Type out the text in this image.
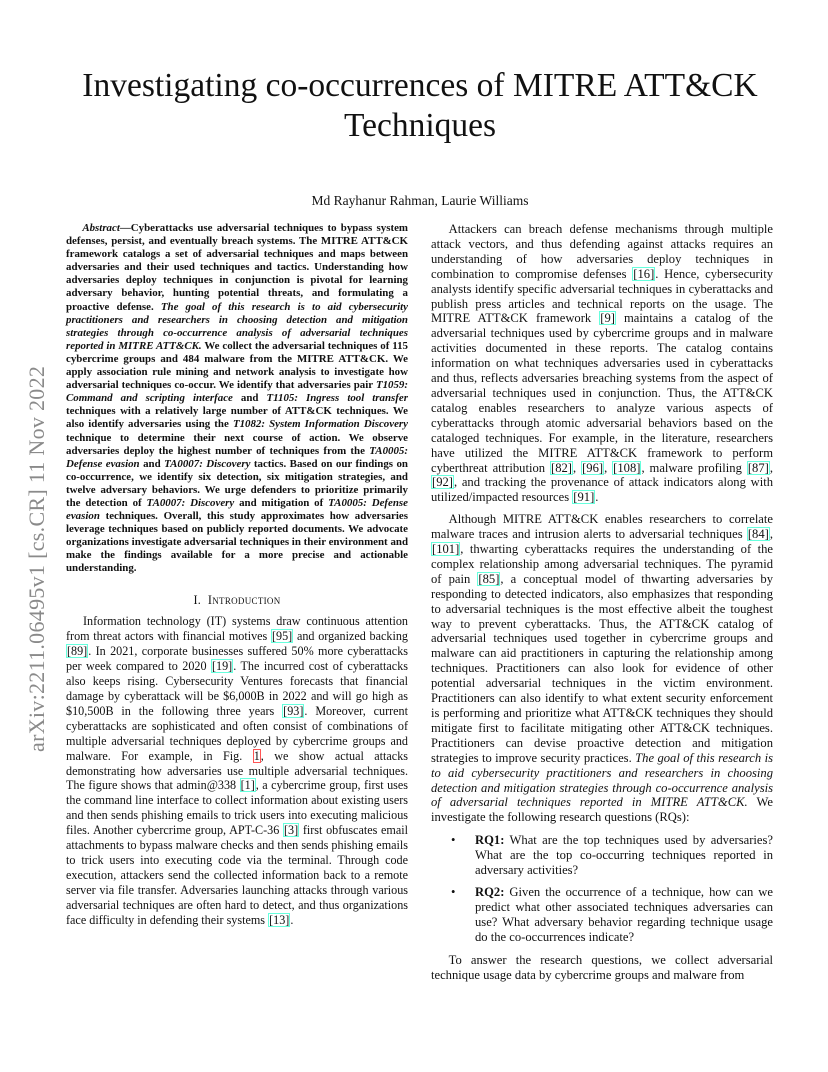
arXiv:2211.06495v1 [cs.CR] 11 Nov 2022
Investigating co-occurrences of MITRE ATT&CK Techniques
Md Rayhanur Rahman, Laurie Williams

Abstract—Cyberattacks use adversarial techniques to bypass system defenses, persist, and eventually breach systems. The MITRE ATT&CK framework catalogs a set of adversarial techniques and maps between adversaries and their used techniques and tactics. Understanding how adversaries deploy techniques in conjunction is pivotal for learning adversary behavior, hunting potential threats, and formulating a proactive defense. The goal of this research is to aid cybersecurity practitioners and researchers in choosing detection and mitigation strategies through co-occurrence analysis of adversarial techniques reported in MITRE ATT&CK. We collect the adversarial techniques of 115 cybercrime groups and 484 malware from the MITRE ATT&CK. We apply association rule mining and network analysis to investigate how adversarial techniques co-occur. We identify that adversaries pair T1059: Command and scripting interface and T1105: Ingress tool transfer techniques with a relatively large number of ATT&CK techniques. We also identify adversaries using the T1082: System Information Discovery technique to determine their next course of action. We observe adversaries deploy the highest number of techniques from the TA0005: Defense evasion and TA0007: Discovery tactics. Based on our findings on co-occurrence, we identify six detection, six mitigation strategies, and twelve adversary behaviors. We urge defenders to prioritize primarily the detection of TA0007: Discovery and mitigation of TA0005: Defense evasion techniques. Overall, this study approximates how adversaries leverage techniques based on publicly reported documents. We advocate organizations investigate adversarial techniques in their environment and make the findings available for a more precise and actionable understanding.

I. Introduction

Information technology (IT) systems draw continuous attention from threat actors with financial motives [95] and organized backing [89]. In 2021, corporate businesses suffered 50% more cyberattacks per week compared to 2020 [19]. The incurred cost of cyberattacks also keeps rising. Cybersecurity Ventures forecasts that financial damage by cyberattack will be $6,000B in 2022 and will go high as $10,500B in the following three years [93]. Moreover, current cyberattacks are sophisticated and often consist of combinations of multiple adversarial techniques deployed by cybercrime groups and malware. For example, in Fig. 1, we show actual attacks demonstrating how adversaries use multiple adversarial techniques. The figure shows that admin@338 [1], a cybercrime group, first uses the command line interface to collect information about existing users and then sends phishing emails to trick users into executing malicious files. Another cybercrime group, APT-C-36 [3] first obfuscates email attachments to bypass malware checks and then sends phishing emails to trick users into executing code via the terminal. Through code execution, attackers send the collected information back to a remote server via file transfer. Adversaries launching attacks through various adversarial techniques are often hard to detect, and thus organizations face difficulty in defending their systems [13].

Attackers can breach defense mechanisms through multiple attack vectors, and thus defending against attacks requires an understanding of how adversaries deploy techniques in combination to compromise defenses [16]. Hence, cybersecurity analysts identify specific adversarial techniques in cyberattacks and publish press articles and technical reports on the usage. The MITRE ATT&CK framework [9] maintains a catalog of the adversarial techniques used by cybercrime groups and in malware activities documented in these reports. The catalog contains information on what techniques adversaries used in cyberattacks and thus, reflects adversaries breaching systems from the aspect of adversarial techniques used in conjunction. Thus, the ATT&CK catalog enables researchers to analyze various aspects of cyberattacks through atomic adversarial behaviors based on the cataloged techniques. For example, in the literature, researchers have utilized the MITRE ATT&CK framework to perform cyberthreat attribution [82], [96], [108], malware profiling [87], [92], and tracking the provenance of attack indicators along with utilized/impacted resources [91].

Although MITRE ATT&CK enables researchers to correlate malware traces and intrusion alerts to adversarial techniques [84], [101], thwarting cyberattacks requires the understanding of the complex relationship among adversarial techniques. The pyramid of pain [85], a conceptual model of thwarting adversaries by responding to detected indicators, also emphasizes that responding to adversarial techniques is the most effective albeit the toughest way to prevent cyberattacks. Thus, the ATT&CK catalog of adversarial techniques used together in cybercrime groups and malware can aid practitioners in capturing the relationship among techniques. Practitioners can also look for evidence of other potential adversarial techniques in the victim environment. Practitioners can also identify to what extent security enforcement is performing and prioritize what ATT&CK techniques they should mitigate first to facilitate mitigating other ATT&CK techniques. Practitioners can devise proactive detection and mitigation strategies to improve security practices. The goal of this research is to aid cybersecurity practitioners and researchers in choosing detection and mitigation strategies through co-occurrence analysis of adversarial techniques reported in MITRE ATT&CK. We investigate the following research questions (RQs):

• RQ1: What are the top techniques used by adversaries? What are the top co-occurring techniques reported in adversary activities?
• RQ2: Given the occurrence of a technique, how can we predict what other associated techniques adversaries can use? What adversary behavior regarding technique usage do the co-occurrences indicate?

To answer the research questions, we collect adversarial technique usage data by cybercrime groups and malware from
